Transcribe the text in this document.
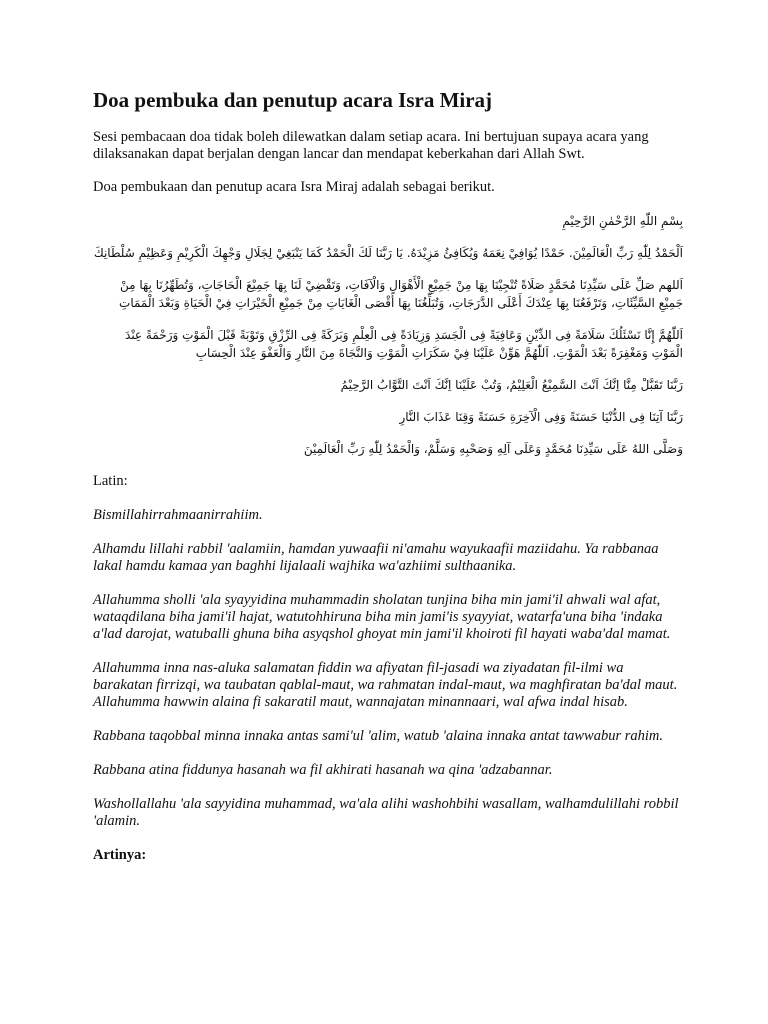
Doa pembuka dan penutup acara Isra Miraj

Sesi pembacaan doa tidak boleh dilewatkan dalam setiap acara. Ini bertujuan supaya acara yang dilaksanakan dapat berjalan dengan lancar dan mendapat keberkahan dari Allah Swt.

Doa pembukaan dan penutup acara Isra Miraj adalah sebagai berikut.

بِسْمِ اللّٰهِ الرَّحْمٰنِ الرَّحِيْمِ

اَلْحَمْدُ لِلّٰهِ رَبِّ الْعَالَمِيْنَ. حَمْدًا يُوَافِيْ نِعَمَهُ وَيُكَافِئُ مَزِيْدَهُ. يَا رَبَّنَا لَكَ الْحَمْدُ كَمَا يَنْبَغِيْ لِجَلَالِ وَجْهِكَ الْكَرِيْمِ وَعَظِيْمِ سُلْطَانِكَ

اَللهم صَلِّ عَلَى سَيِّدِنَا مُحَمَّدٍ صَلَاةً تُنْجِيْنَا بِهَا مِنْ جَمِيْعِ الْأَهْوَالِ وَالْآفَاتِ، وَتَقْضِيْ لَنَا بِهَا جَمِيْعَ الْحَاجَاتِ، وَتُطَهِّرُنَا بِهَا مِنْ جَمِيْعِ السَّيِّئَاتِ، وَتَرْفَعُنَا بِهَا عِنْدَكَ أَعْلَى الدَّرَجَاتِ، وَتُبَلِّغُنَا بِهَا أَقْصَى الْغَايَاتِ مِنْ جَمِيْعِ الْخَيْرَاتِ فِيْ الْحَيَاةِ وَبَعْدَ الْمَمَاتِ

اَللّٰهُمَّ إِنَّا نَسْئَلُكَ سَلَامَةً فِى الدِّيْنِ وَعَافِيَةً فِى الْجَسَدِ وَزِيَادَةً فِى الْعِلْمِ وَبَرَكَةً فِى الرِّزْقِ وَتَوْبَةً قَبْلَ الْمَوْتِ وَرَحْمَةً عِنْدَ الْمَوْتِ وَمَغْفِرَةً بَعْدَ الْمَوْتِ. اَللّٰهُمَّ هَوِّنْ عَلَيْنَا فِيْ سَكَرَاتِ الْمَوْتِ وَالنَّجَاةَ مِنَ النَّارِ وَالْعَفْوَ عِنْدَ الْحِسَابِ

رَبَّنَا تَقَبَّلْ مِنَّا اِنَّكَ اَنْتَ السَّمِيْعُ الْعَلِيْمُ، وَتُبْ عَلَيْنَا اِنَّكَ اَنْتَ التَّوَّابُ الرَّحِيْمُ

رَبَّنَا آتِنَا فِى الدُّنْيَا حَسَنَةً وَفِى الْآخِرَةِ حَسَنَةً وَقِنَا عَذَابَ النَّارِ

وَصَلَّى اللهُ عَلَى سَيِّدِنَا مُحَمَّدٍ وَعَلَى آلِهِ وَصَحْبِهِ وَسَلَّمْ، وَالْحَمْدُ لِلّٰهِ رَبِّ الْعَالَمِيْنَ

Latin:

Bismillahirrahmaanirrahiim.

Alhamdu lillahi rabbil 'aalamiin, hamdan yuwaafii ni'amahu wayukaafii maziidahu. Ya rabbanaa lakal hamdu kamaa yan baghhi lijalaali wajhika wa'azhiimi sulthaanika.

Allahumma sholli 'ala syayyidina muhammadin sholatan tunjina biha min jami'il ahwali wal afat, wataqdilana biha jami'il hajat, watutohhiruna biha min jami'is syayyiat, watarfa'una biha 'indaka a'lad darojat, watuballi ghuna biha asyqshol ghoyat min jami'il khoiroti fil hayati waba'dal mamat.

Allahumma inna nas-aluka salamatan fiddin wa afiyatan fil-jasadi wa ziyadatan fil-ilmi wa barakatan firrizqi, wa taubatan qablal-maut, wa rahmatan indal-maut, wa maghfiratan ba'dal maut. Allahumma hawwin alaina fi sakaratil maut, wannajatan minannaari, wal afwa indal hisab.

Rabbana taqobbal minna innaka antas sami'ul 'alim, watub 'alaina innaka antat tawwabur rahim.

Rabbana atina fiddunya hasanah wa fil akhirati hasanah wa qina 'adzabannar.

Washollallahu 'ala sayyidina muhammad, wa'ala alihi washohbihi wasallam, walhamdulillahi robbil 'alamin.

Artinya:
